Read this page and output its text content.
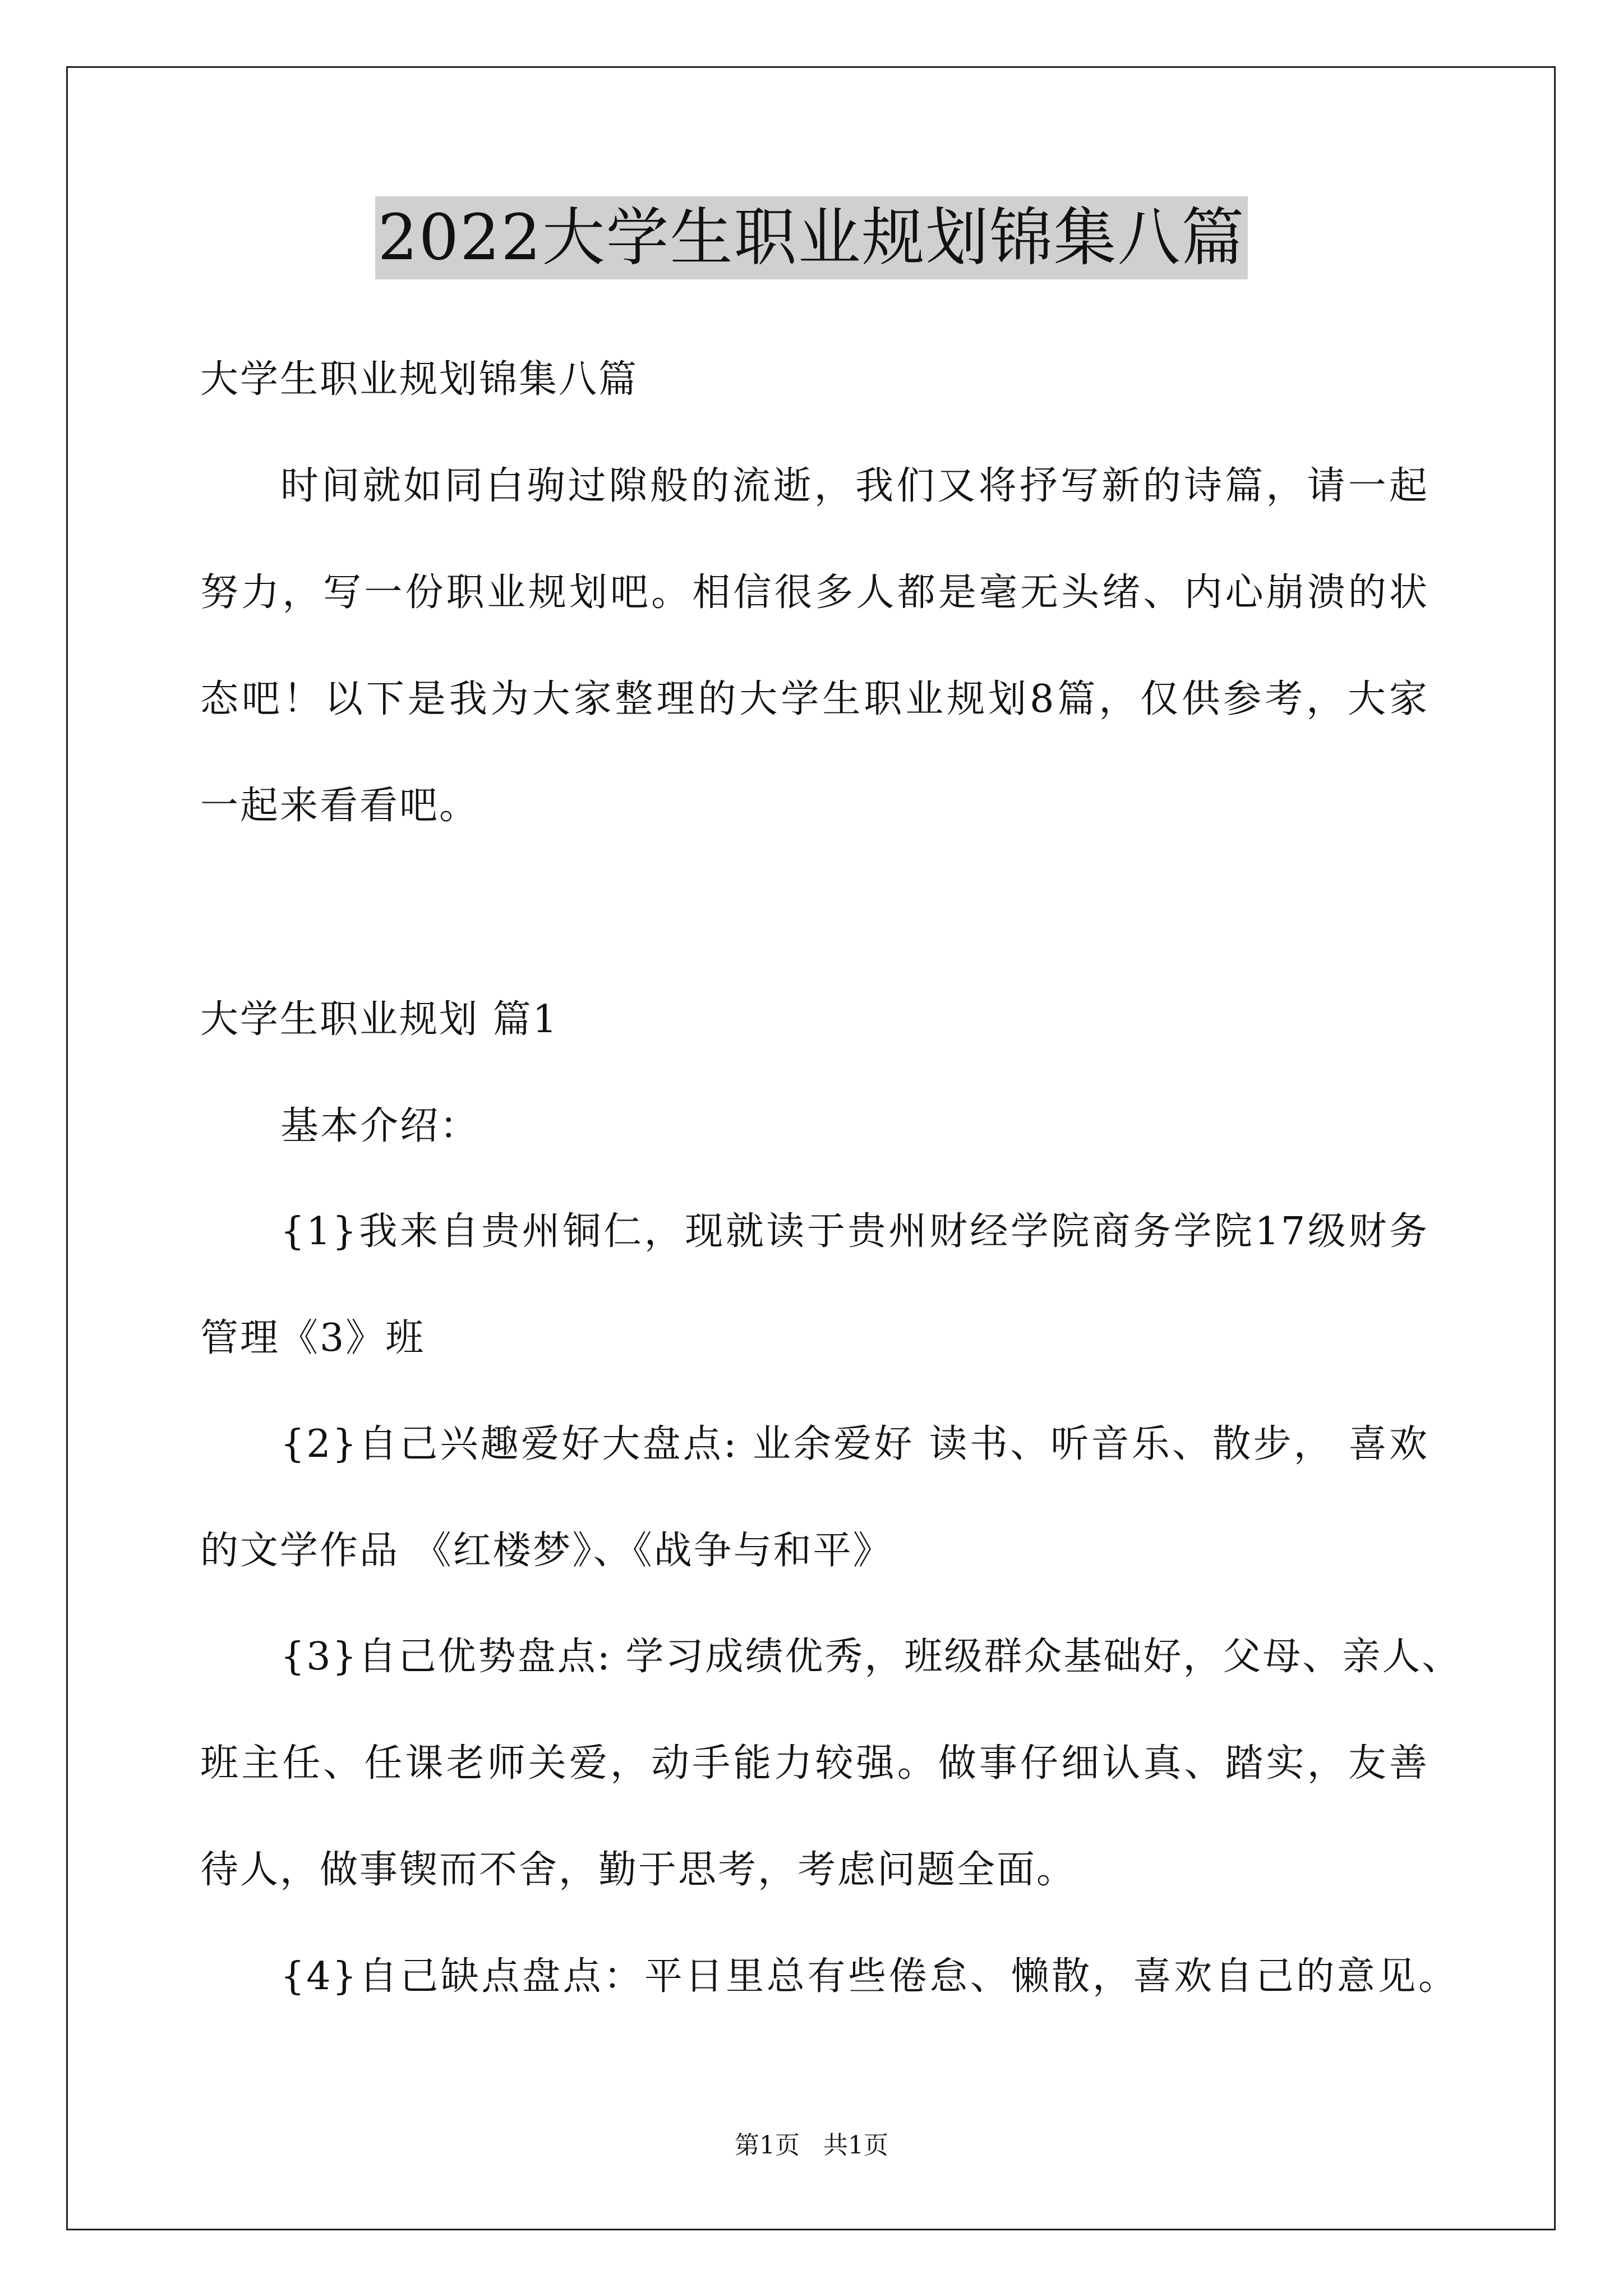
2022大学生职业规划锦集八篇
大学生职业规划锦集八篇
时间就如同白驹过隙般的流逝，我们又将抒写新的诗篇，请一起
努力，写一份职业规划吧。相信很多人都是毫无头绪、内心崩溃的状
态吧！以下是我为大家整理的大学生职业规划8篇，仅供参考，大家
一起来看看吧。
大学生职业规划 篇1
基本介绍：
{1}我来自贵州铜仁，现就读于贵州财经学院商务学院17级财务
管理《3》班
{2}自己兴趣爱好大盘点: 业余爱好 读书、听音乐、散步， 喜欢
的文学作品 《红楼梦》、《战争与和平》
{3}自己优势盘点: 学习成绩优秀，班级群众基础好，父母、亲人、
班主任、任课老师关爱，动手能力较强。做事仔细认真、踏实，友善
待人，做事锲而不舍，勤于思考，考虑问题全面。
{4}自己缺点盘点：平日里总有些倦怠、懒散，喜欢自己的意见。
第1页   共1页
